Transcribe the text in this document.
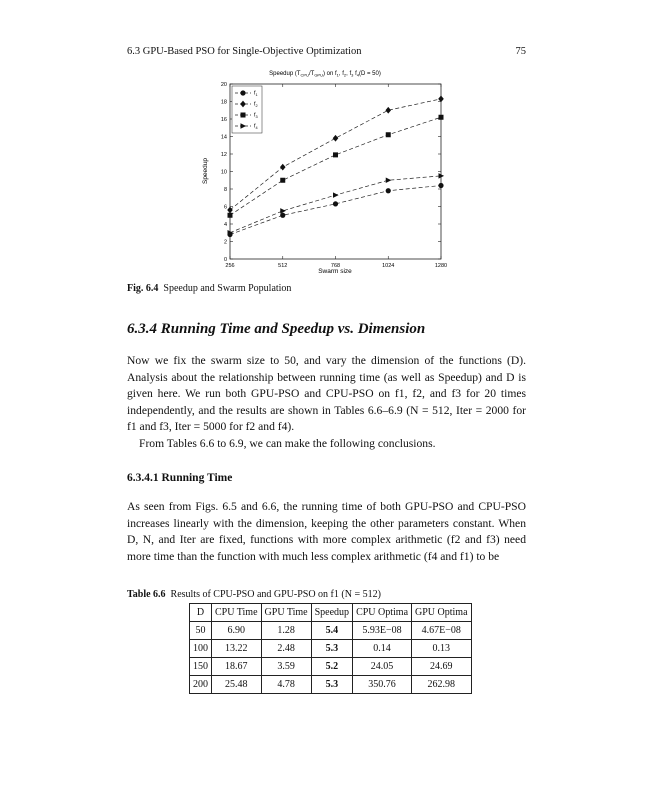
6.3 GPU-Based PSO for Single-Objective Optimization	75
Speedup $(T_{CPU}/T_{GPU})$ on $f_1$, $f_2$, $f_3$ $f_4(D = 50)$
0
2
4
6
8
10
12
14
16
18
20
256	512	768	1024	1280
$f_1$
$f_2$
$f_3$
$f_4$
Speedup
Swarm size
Fig. 6.4 Speedup and Swarm Population
6.3.4 Running Time and Speedup vs. Dimension

Now we fix the swarm size to 50, and vary the dimension of the functions (D). Analysis about the relationship between running time (as well as Speedup) and D is given here. We run both GPU-PSO and CPU-PSO on f1, f2, and f3 for 20 times independently, and the results are shown in Tables 6.6–6.9 (N = 512, Iter = 2000 for f1 and f3, Iter = 5000 for f2 and f4).

From Tables 6.6 to 6.9, we can make the following conclusions.

6.3.4.1 Running Time

As seen from Figs. 6.5 and 6.6, the running time of both GPU-PSO and CPU-PSO increases linearly with the dimension, keeping the other parameters constant. When D, N, and Iter are fixed, functions with more complex arithmetic (f2 and f3) need more time than the function with much less complex arithmetic (f4 and f1) to be

Table 6.6 Results of CPU-PSO and GPU-PSO on f1 (N = 512)
D	CPU Time	GPU Time	Speedup	CPU Optima	GPU Optima
50	6.90	1.28	5.4	5.93E−08	4.67E−08
100	13.22	2.48	5.3	0.14	0.13
150	18.67	3.59	5.2	24.05	24.69
200	25.48	4.78	5.3	350.76	262.98
